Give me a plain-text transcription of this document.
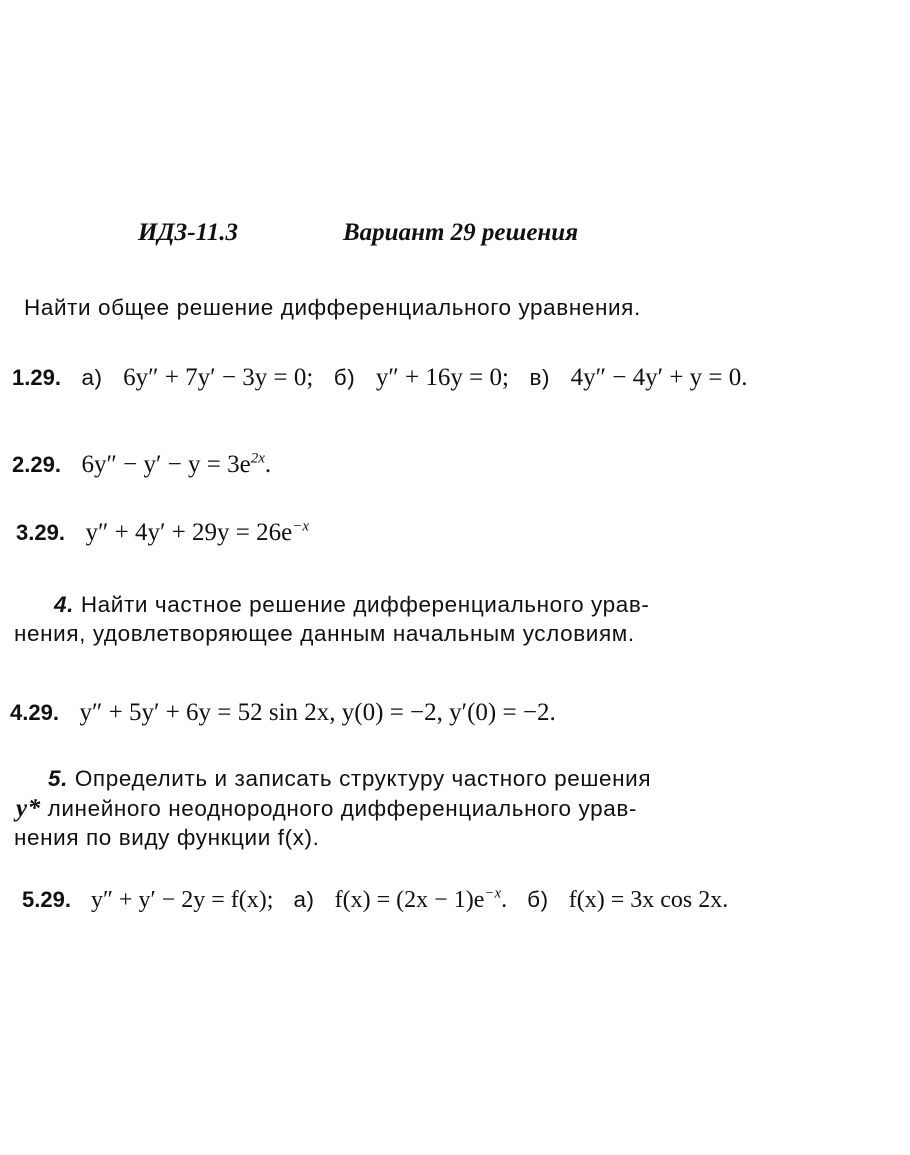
ИДЗ-11.3	Вариант 29 решения
Найти общее решение дифференциального уравнения.
1.29. а) 6y″ + 7y′ − 3y = 0; б) y″ + 16y = 0; в) 4y″ − 4y′ + y = 0.
2.29. $6y'' - y' - y = 3e^{2x}$.
3.29. $y'' + 4y' + 29y = 26e^{-x}$
4. Найти частное решение дифференциального урав-
нения, удовлетворяющее данным начальным условиям.
4.29. y″ + 5y′ + 6y = 52 sin 2x, y(0) = −2, y′(0) = −2.
5. Определить и записать структуру частного решения
y* линейного неоднородного дифференциального урав-
нения по виду функции f(x).
5.29. y″ + y′ − 2y = f(x); а) $f(x) = (2x - 1)e^{-x}$. б) f(x) = 3x cos 2x.
